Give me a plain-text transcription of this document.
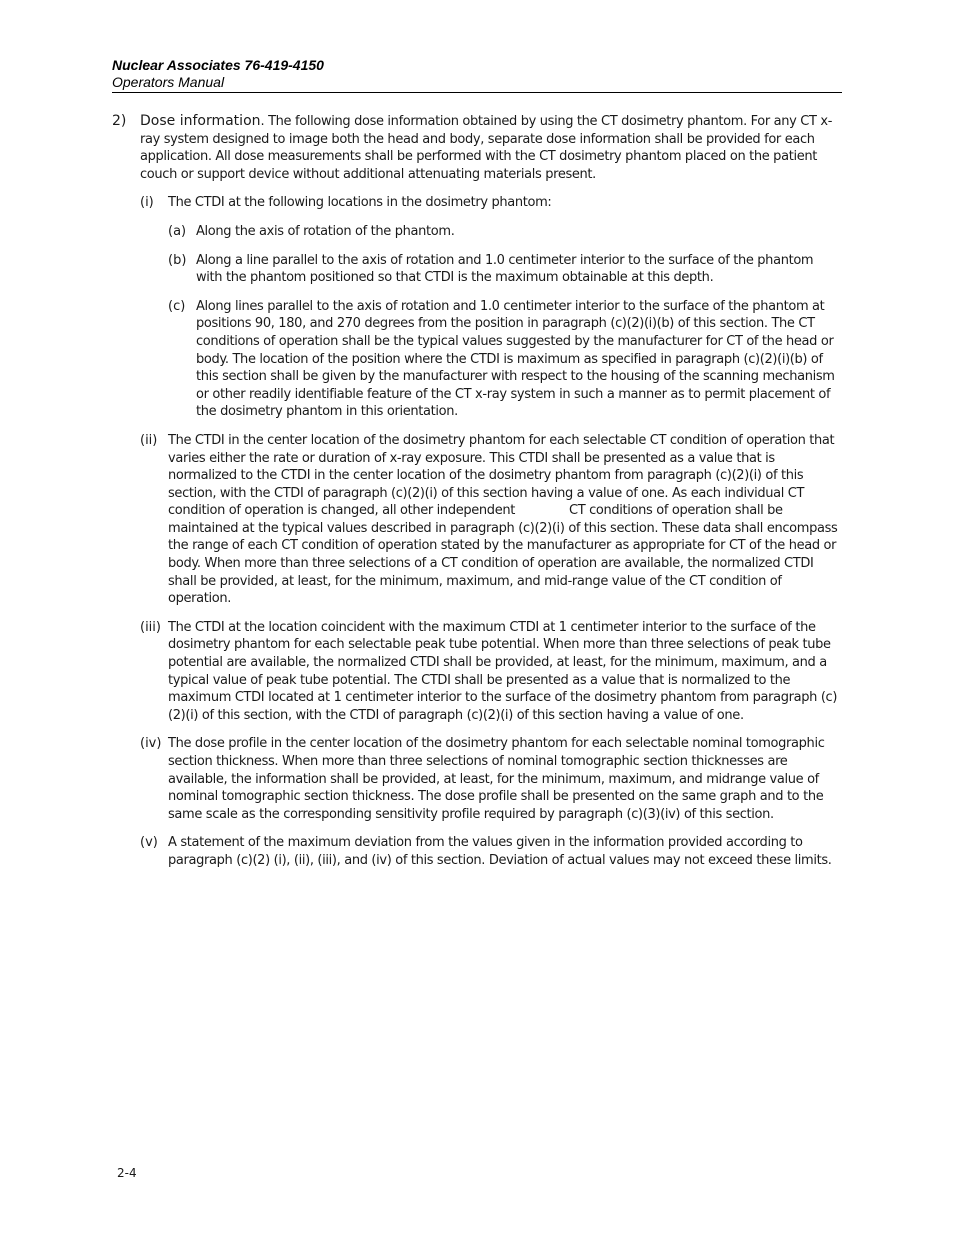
Nuclear Associates 76-419-4150
Operators Manual
2) Dose information. The following dose information obtained by using the CT dosimetry phantom. For any CT x-ray system designed to image both the head and body, separate dose information shall be provided for each application. All dose measurements shall be performed with the CT dosimetry phantom placed on the patient couch or support device without additional attenuating materials present.
(i)	The CTDI at the following locations in the dosimetry phantom:
(a) Along the axis of rotation of the phantom.
(b) Along a line parallel to the axis of rotation and 1.0 centimeter interior to the surface of the phantom with the phantom positioned so that CTDI is the maximum obtainable at this depth.
(c) Along lines parallel to the axis of rotation and 1.0 centimeter interior to the surface of the phantom at positions 90, 180, and 270 degrees from the position in paragraph (c)(2)(i)(b) of this section. The CT conditions of operation shall be the typical values suggested by the manufacturer for CT of the head or body. The location of the position where the CTDI is maximum as specified in paragraph (c)(2)(i)(b) of this section shall be given by the manufacturer with respect to the housing of the scanning mechanism or other readily identifiable feature of the CT x-ray system in such a manner as to permit placement of the dosimetry phantom in this orientation.
(ii) The CTDI in the center location of the dosimetry phantom for each selectable CT condition of operation that varies either the rate or duration of x-ray exposure. This CTDI shall be presented as a value that is normalized to the CTDI in the center location of the dosimetry phantom from paragraph (c)(2)(i) of this section, with the CTDI of paragraph (c)(2)(i) of this section having a value of one. As each individual CT condition of operation is changed, all other independent	CT conditions of operation shall be maintained at the typical values described in paragraph (c)(2)(i) of this section. These data shall encompass the range of each CT condition of operation stated by the manufacturer as appropriate for CT of the head or body. When more than three selections of a CT condition of operation are available, the normalized CTDI shall be provided, at least, for the minimum, maximum, and mid-range value of the CT condition of operation.
(iii) The CTDI at the location coincident with the maximum CTDI at 1 centimeter interior to the surface of the dosimetry phantom for each selectable peak tube potential. When more than three selections of peak tube potential are available, the normalized CTDI shall be provided, at least, for the minimum, maximum, and a typical value of peak tube potential. The CTDI shall be presented as a value that is normalized to the maximum CTDI located at 1 centimeter interior to the surface of the dosimetry phantom from paragraph (c)(2)(i) of this section, with the CTDI of paragraph (c)(2)(i) of this section having a value of one.
(iv) The dose profile in the center location of the dosimetry phantom for each selectable nominal tomographic section thickness. When more than three selections of nominal tomographic section thicknesses are available, the information shall be provided, at least, for the minimum, maximum, and midrange value of nominal tomographic section thickness. The dose profile shall be presented on the same graph and to the same scale as the corresponding sensitivity profile required by paragraph (c)(3)(iv) of this section.
(v) A statement of the maximum deviation from the values given in the information provided according to paragraph (c)(2) (i), (ii), (iii), and (iv) of this section. Deviation of actual values may not exceed these limits.
2-4
